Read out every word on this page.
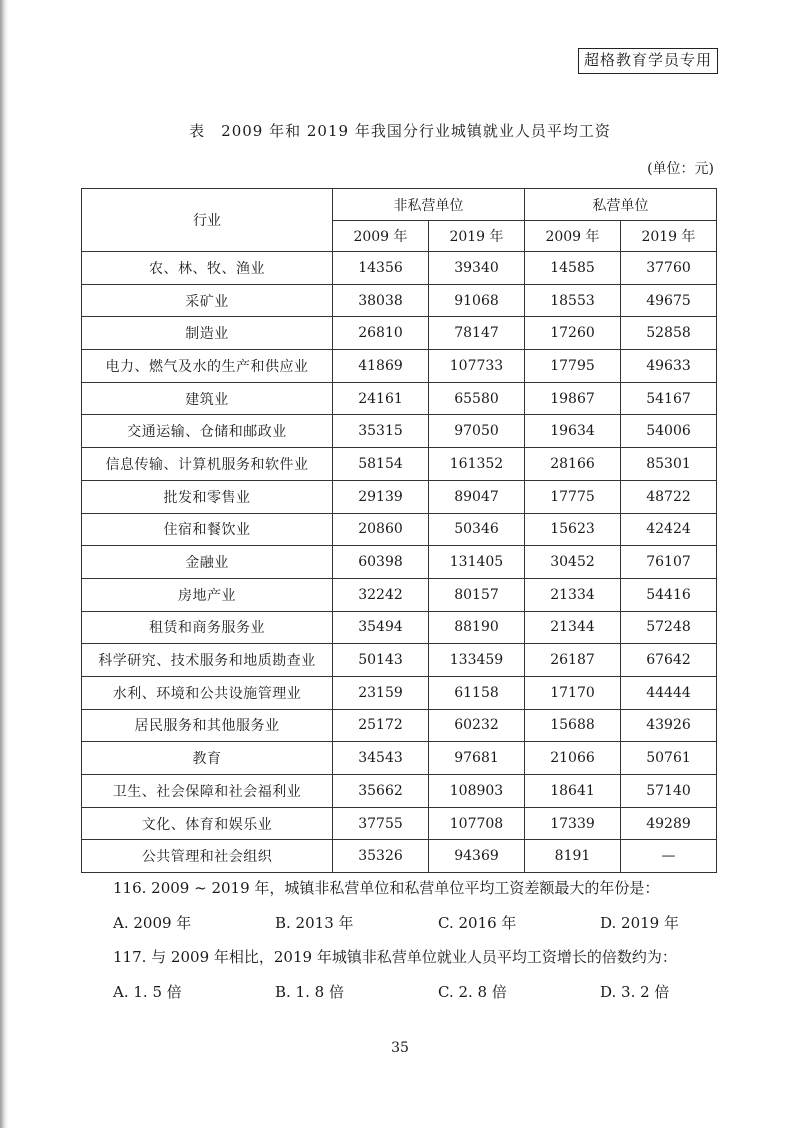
超格教育学员专用
表　2009 年和 2019 年我国分行业城镇就业人员平均工资
(单位：元)
行业	非私营单位		私营单位	
	2009 年	2019 年	2009 年	2019 年
农、林、牧、渔业	14356	39340	14585	37760
采矿业	38038	91068	18553	49675
制造业	26810	78147	17260	52858
电力、燃气及水的生产和供应业	41869	107733	17795	49633
建筑业	24161	65580	19867	54167
交通运输、仓储和邮政业	35315	97050	19634	54006
信息传输、计算机服务和软件业	58154	161352	28166	85301
批发和零售业	29139	89047	17775	48722
住宿和餐饮业	20860	50346	15623	42424
金融业	60398	131405	30452	76107
房地产业	32242	80157	21334	54416
租赁和商务服务业	35494	88190	21344	57248
科学研究、技术服务和地质勘查业	50143	133459	26187	67642
水利、环境和公共设施管理业	23159	61158	17170	44444
居民服务和其他服务业	25172	60232	15688	43926
教育	34543	97681	21066	50761
卫生、社会保障和社会福利业	35662	108903	18641	57140
文化、体育和娱乐业	37755	107708	17339	49289
公共管理和社会组织	35326	94369	8191	—
116. 2009 ~ 2019 年，城镇非私营单位和私营单位平均工资差额最大的年份是：
A. 2009 年	B. 2013 年	C. 2016 年	D. 2019 年
117. 与 2009 年相比，2019 年城镇非私营单位就业人员平均工资增长的倍数约为：
A. 1. 5 倍	B. 1. 8 倍	C. 2. 8 倍	D. 3. 2 倍
35
